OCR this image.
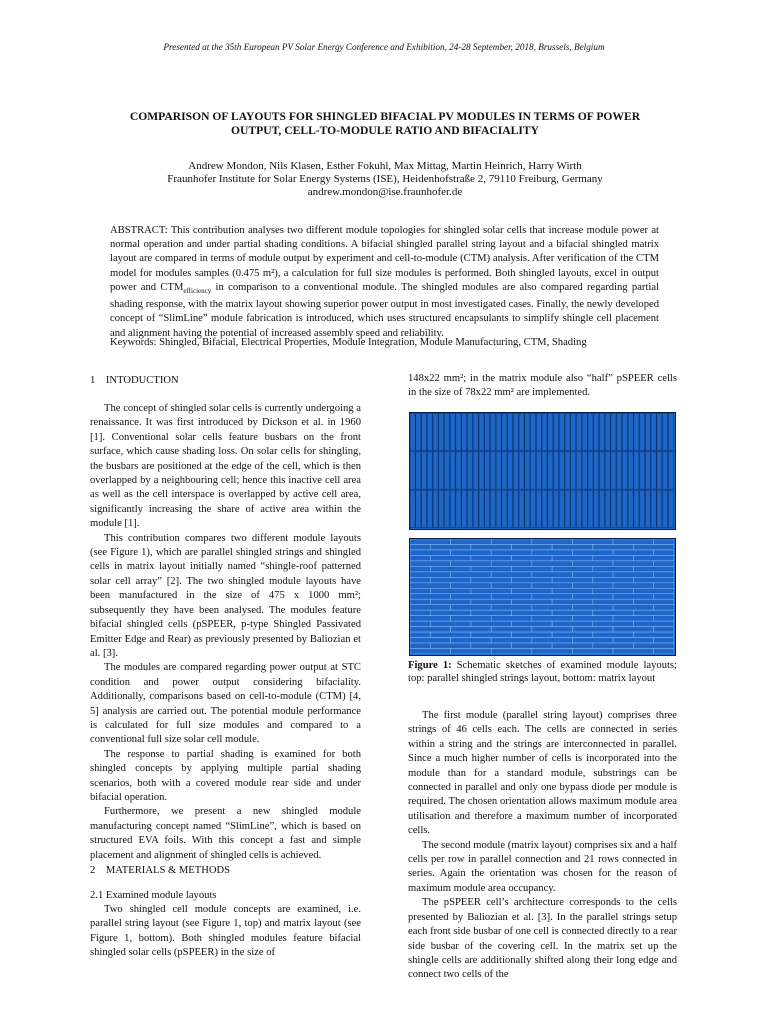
Presented at the 35th European PV Solar Energy Conference and Exhibition, 24-28 September, 2018, Brussels, Belgium
COMPARISON OF LAYOUTS FOR SHINGLED BIFACIAL PV MODULES IN TERMS OF POWER
OUTPUT, CELL-TO-MODULE RATIO AND BIFACIALITY
Andrew Mondon, Nils Klasen, Esther Fokuhl, Max Mittag, Martin Heinrich, Harry Wirth
Fraunhofer Institute for Solar Energy Systems (ISE), Heidenhofstraße 2, 79110 Freiburg, Germany
andrew.mondon@ise.fraunhofer.de
ABSTRACT: This contribution analyses two different module topologies for shingled solar cells that increase module power at normal operation and under partial shading conditions. A bifacial shingled parallel string layout and a bifacial shingled matrix layout are compared in terms of module output by experiment and cell-to-module (CTM) analysis. After verification of the CTM model for modules samples (0.475 m²), a calculation for full size modules is performed. Both shingled layouts, excel in output power and $CTM_{efficiency}$ in comparison to a conventional module. The shingled modules are also compared regarding partial shading response, with the matrix layout showing superior power output in most investigated cases. Finally, the newly developed concept of “SlimLine” module fabrication is introduced, which uses structured encapsulants to simplify shingle cell placement and alignment having the potential of increased assembly speed and reliability.
Keywords: Shingled, Bifacial, Electrical Properties, Module Integration, Module Manufacturing, CTM, Shading
1    INTODUCTION

The concept of shingled solar cells is currently undergoing a renaissance. It was first introduced by Dickson et al. in 1960 [1]. Conventional solar cells feature busbars on the front surface, which cause shading loss. On solar cells for shingling, the busbars are positioned at the edge of the cell, which is then overlapped by a neighbouring cell; hence this inactive cell area as well as the cell interspace is overlapped by active cell area, significantly increasing the share of active area within the module [1].

This contribution compares two different module layouts (see Figure 1), which are parallel shingled strings and shingled cells in matrix layout initially named “shingle-roof patterned solar cell array” [2]. The two shingled module layouts have been manufactured in the size of 475 x 1000 mm²; subsequently they have been analysed. The modules feature bifacial shingled cells (pSPEER, p-type Shingled Passivated Emitter Edge and Rear) as previously presented by Baliozian et al. [3].

The modules are compared regarding power output at STC condition and power output considering bifaciality. Additionally, comparisons based on cell-to-module (CTM) [4, 5] analysis are carried out. The potential module performance is calculated for full size modules and compared to a conventional full size solar cell module.

The response to partial shading is examined for both shingled concepts by applying multiple partial shading scenarios, both with a covered module rear side and under bifacial operation.

Furthermore, we present a new shingled module manufacturing concept named “SlimLine”, which is based on structured EVA foils. With this concept a fast and simple placement and alignment of shingled cells is achieved.

2    MATERIALS & METHODS
2.1 Examined module layouts

Two shingled cell module concepts are examined, i.e. parallel string layout (see Figure 1, top) and matrix layout (see Figure 1, bottom). Both shingled modules feature bifacial shingled solar cells (pSPEER) in the size of

148x22 mm²; in the matrix module also “half” pSPEER cells in the size of 78x22 mm² are implemented.

Figure 1: Schematic sketches of examined module layouts; top: parallel shingled strings layout, bottom: matrix layout

The first module (parallel string layout) comprises three strings of 46 cells each. The cells are connected in series within a string and the strings are interconnected in parallel. Since a much higher number of cells is incorporated into the module than for a standard module, substrings can be connected in parallel and only one bypass diode per module is required. The chosen orientation allows maximum module area utilisation and therefore a maximum number of incorporated cells.

The second module (matrix layout) comprises six and a half cells per row in parallel connection and 21 rows connected in series. Again the orientation was chosen for the reason of maximum module area occupancy.

The pSPEER cell’s architecture corresponds to the cells presented by Baliozian et al. [3]. In the parallel strings setup each front side busbar of one cell is connected directly to a rear side busbar of the covering cell. In the matrix set up the shingle cells are additionally shifted along their long edge and connect two cells of the
